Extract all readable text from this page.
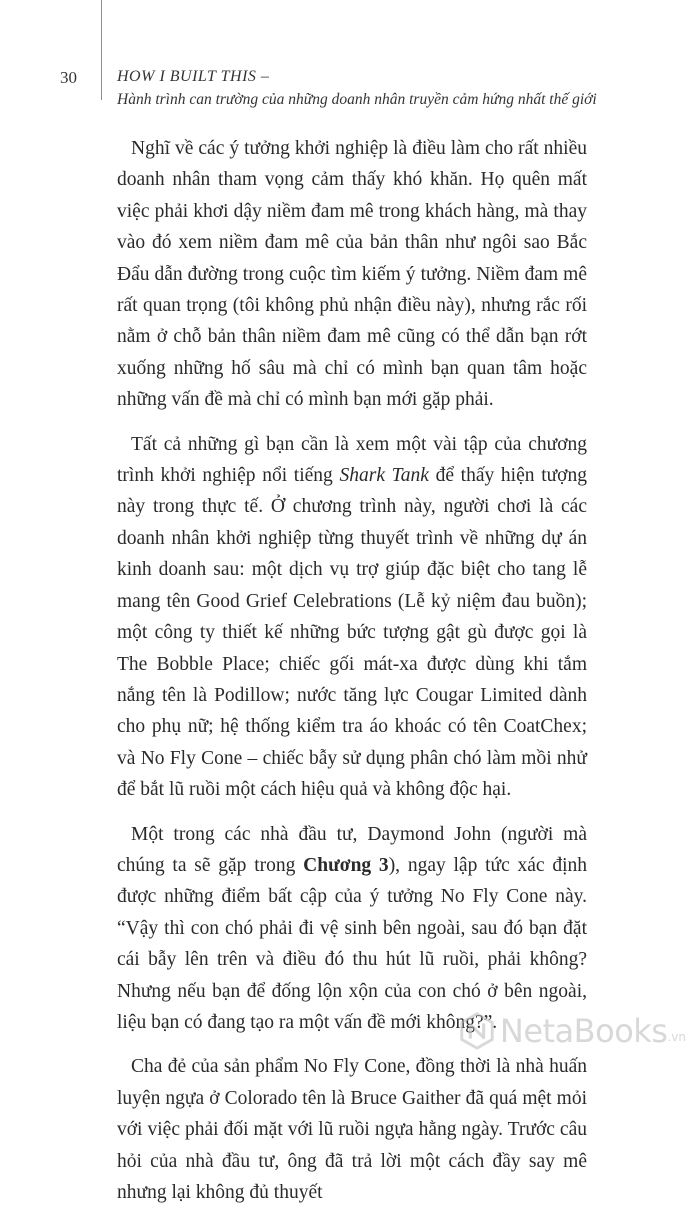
30	HOW I BUILT THIS –
Hành trình can trường của những doanh nhân truyền cảm hứng nhất thế giới

Nghĩ về các ý tưởng khởi nghiệp là điều làm cho rất nhiều doanh nhân tham vọng cảm thấy khó khăn. Họ quên mất việc phải khơi dậy niềm đam mê trong khách hàng, mà thay vào đó xem niềm đam mê của bản thân như ngôi sao Bắc Đẩu dẫn đường trong cuộc tìm kiếm ý tưởng. Niềm đam mê rất quan trọng (tôi không phủ nhận điều này), nhưng rắc rối nằm ở chỗ bản thân niềm đam mê cũng có thể dẫn bạn rớt xuống những hố sâu mà chỉ có mình bạn quan tâm hoặc những vấn đề mà chỉ có mình bạn mới gặp phải.

Tất cả những gì bạn cần là xem một vài tập của chương trình khởi nghiệp nổi tiếng Shark Tank để thấy hiện tượng này trong thực tế. Ở chương trình này, người chơi là các doanh nhân khởi nghiệp từng thuyết trình về những dự án kinh doanh sau: một dịch vụ trợ giúp đặc biệt cho tang lễ mang tên Good Grief Celebrations (Lễ kỷ niệm đau buồn); một công ty thiết kế những bức tượng gật gù được gọi là The Bobble Place; chiếc gối mát-xa được dùng khi tắm nắng tên là Podillow; nước tăng lực Cougar Limited dành cho phụ nữ; hệ thống kiểm tra áo khoác có tên CoatChex; và No Fly Cone – chiếc bẫy sử dụng phân chó làm mồi nhử để bắt lũ ruồi một cách hiệu quả và không độc hại.

Một trong các nhà đầu tư, Daymond John (người mà chúng ta sẽ gặp trong Chương 3), ngay lập tức xác định được những điểm bất cập của ý tưởng No Fly Cone này. “Vậy thì con chó phải đi vệ sinh bên ngoài, sau đó bạn đặt cái bẫy lên trên và điều đó thu hút lũ ruồi, phải không? Nhưng nếu bạn để đống lộn xộn của con chó ở bên ngoài, liệu bạn có đang tạo ra một vấn đề mới không?”.

Cha đẻ của sản phẩm No Fly Cone, đồng thời là nhà huấn luyện ngựa ở Colorado tên là Bruce Gaither đã quá mệt mỏi với việc phải đối mặt với lũ ruồi ngựa hằng ngày. Trước câu hỏi của nhà đầu tư, ông đã trả lời một cách đầy say mê nhưng lại không đủ thuyết

NetaBooks .vn
